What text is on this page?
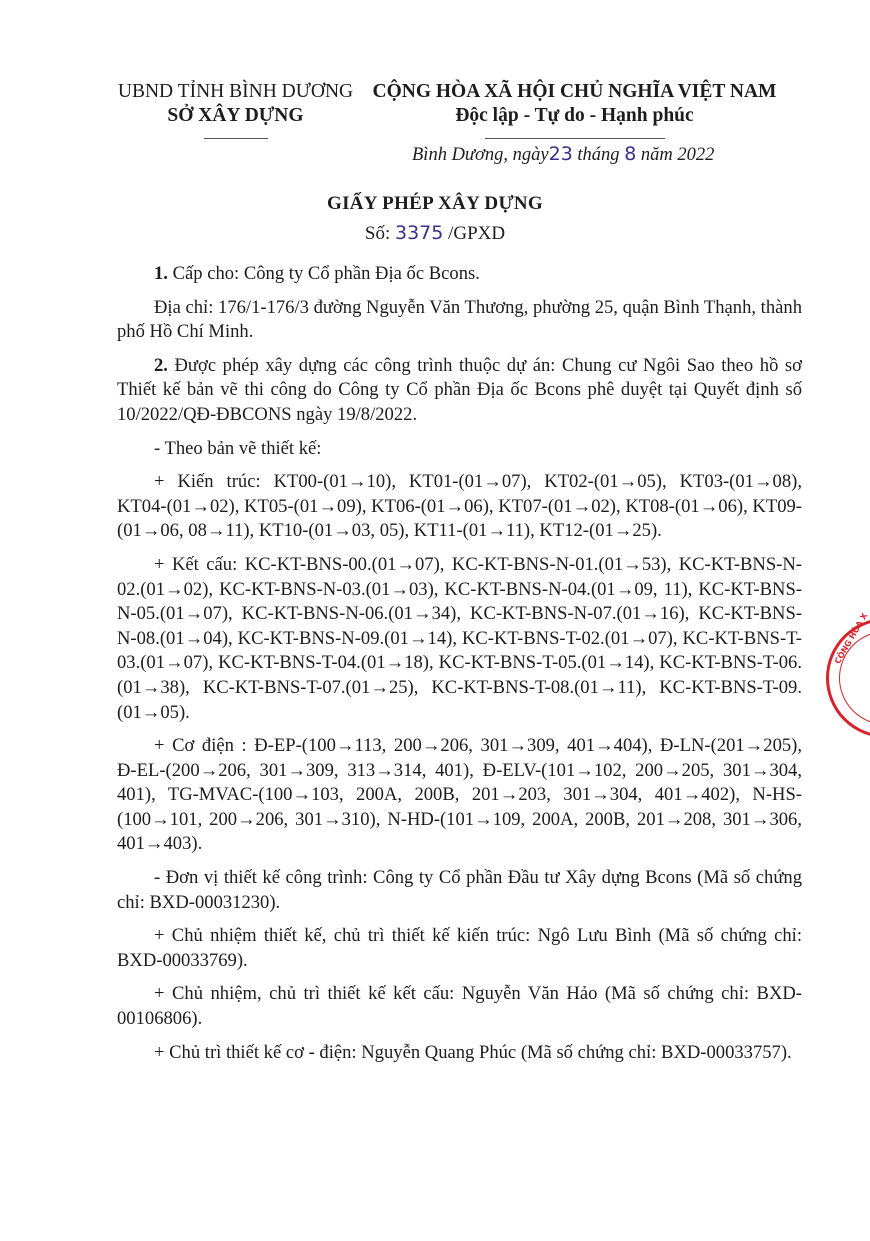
UBND TỈNH BÌNH DƯƠNG
SỞ XÂY DỰNG
CỘNG HÒA XÃ HỘI CHỦ NGHĨA VIỆT NAM
Độc lập - Tự do - Hạnh phúc
Bình Dương, ngày23 tháng 8 năm 2022
GIẤY PHÉP XÂY DỰNG
Số: 3375 /GPXD

1. Cấp cho: Công ty Cổ phần Địa ốc Bcons.

Địa chỉ: 176/1-176/3 đường Nguyễn Văn Thương, phường 25, quận Bình Thạnh, thành phố Hồ Chí Minh.

2. Được phép xây dựng các công trình thuộc dự án: Chung cư Ngôi Sao theo hồ sơ Thiết kế bản vẽ thi công do Công ty Cổ phần Địa ốc Bcons phê duyệt tại Quyết định số 10/2022/QĐ-ĐBCONS ngày 19/8/2022.

- Theo bản vẽ thiết kế:

+ Kiến trúc: KT00-(01→10), KT01-(01→07), KT02-(01→05), KT03-(01→08), KT04-(01→02), KT05-(01→09), KT06-(01→06), KT07-(01→02), KT08-(01→06), KT09-(01→06, 08→11), KT10-(01→03, 05), KT11-(01→11), KT12-(01→25).

+ Kết cấu: KC-KT-BNS-00.(01→07), KC-KT-BNS-N-01.(01→53), KC-KT-BNS-N-02.(01→02), KC-KT-BNS-N-03.(01→03), KC-KT-BNS-N-04.(01→09, 11), KC-KT-BNS-N-05.(01→07), KC-KT-BNS-N-06.(01→34), KC-KT-BNS-N-07.(01→16), KC-KT-BNS-N-08.(01→04), KC-KT-BNS-N-09.(01→14), KC-KT-BNS-T-02.(01→07), KC-KT-BNS-T-03.(01→07), KC-KT-BNS-T-04.(01→18), KC-KT-BNS-T-05.(01→14), KC-KT-BNS-T-06.(01→38), KC-KT-BNS-T-07.(01→25), KC-KT-BNS-T-08.(01→11), KC-KT-BNS-T-09.(01→05).

+ Cơ điện : Đ-EP-(100→113, 200→206, 301→309, 401→404), Đ-LN-(201→205), Đ-EL-(200→206, 301→309, 313→314, 401), Đ-ELV-(101→102, 200→205, 301→304, 401), TG-MVAC-(100→103, 200A, 200B, 201→203, 301→304, 401→402), N-HS-(100→101, 200→206, 301→310), N-HD-(101→109, 200A, 200B, 201→208, 301→306, 401→403).

- Đơn vị thiết kế công trình: Công ty Cổ phần Đầu tư Xây dựng Bcons (Mã số chứng chỉ: BXD-00031230).

+ Chủ nhiệm thiết kế, chủ trì thiết kế kiến trúc: Ngô Lưu Bình (Mã số chứng chỉ: BXD-00033769).

+ Chủ nhiệm, chủ trì thiết kế kết cấu: Nguyễn Văn Hảo (Mã số chứng chỉ: BXD-00106806).

+ Chủ trì thiết kế cơ - điện: Nguyễn Quang Phúc (Mã số chứng chỉ: BXD-00033757).

CỘNG HÒA X
